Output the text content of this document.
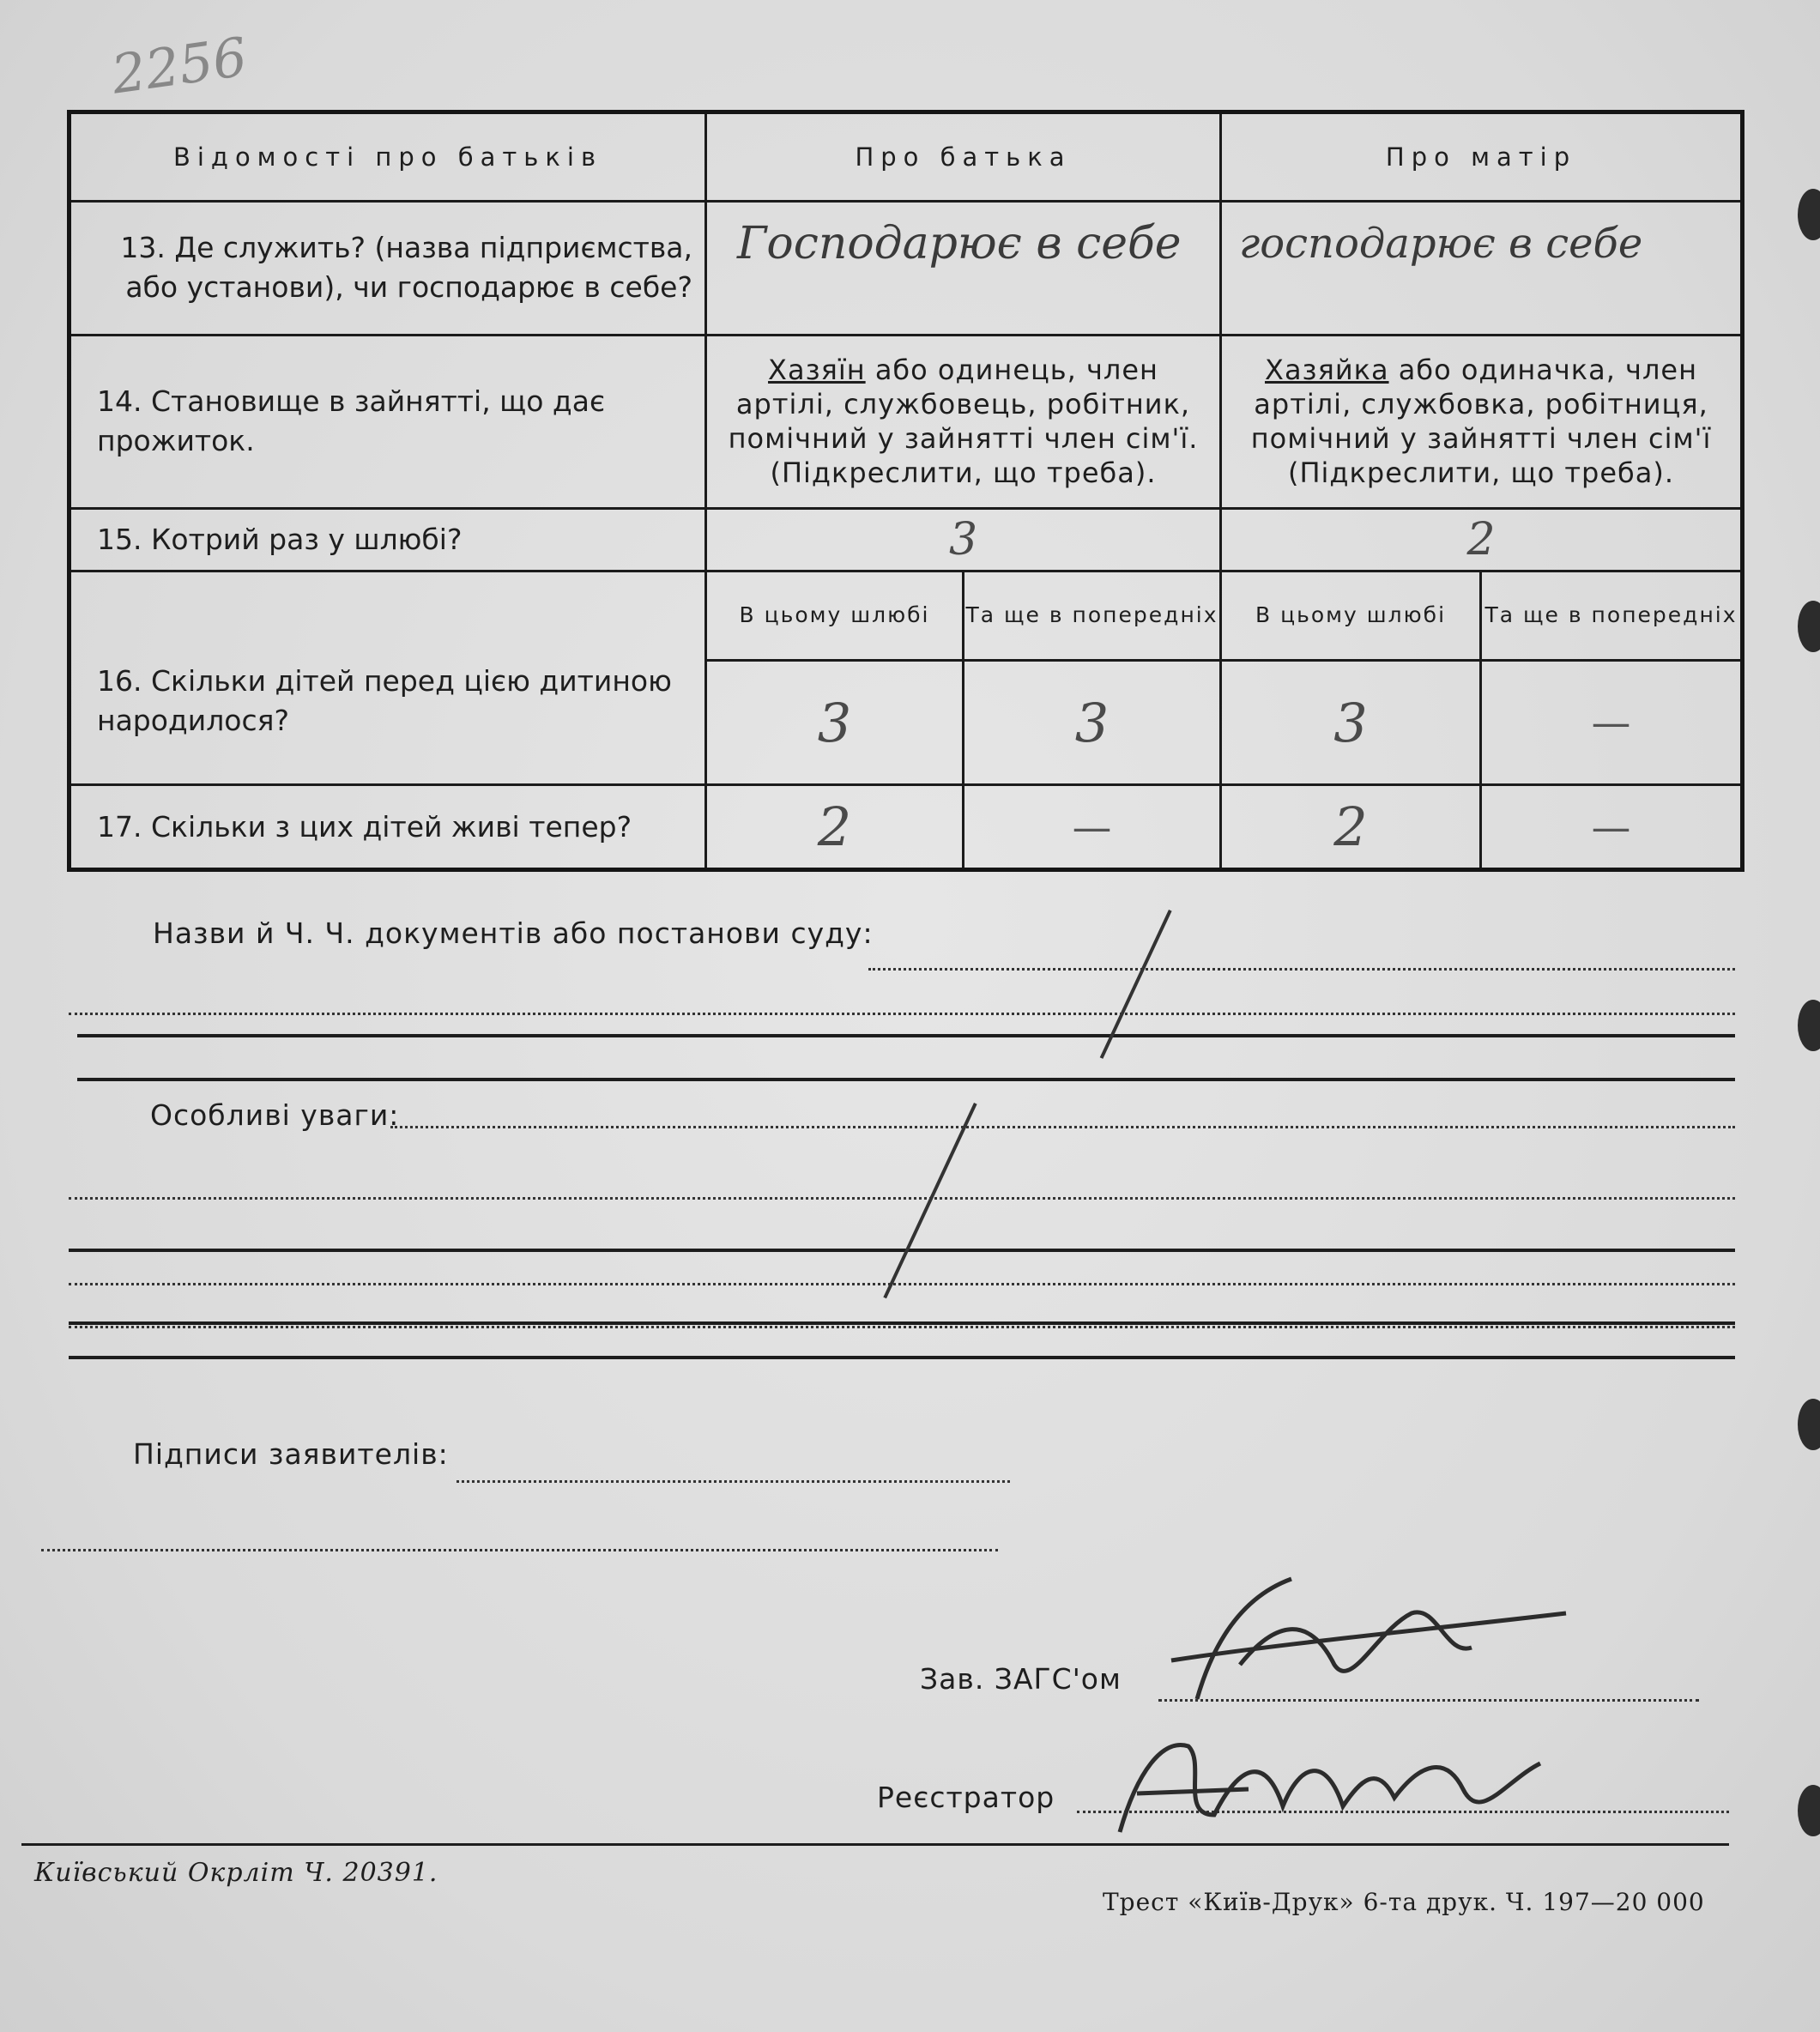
2256
Відомості про батьків	Про батька		Про матір	
13. Де служить? (назва підприємства, або установи), чи господарює в себе?	Господарює в себе		господарює в себе	

14. Становище в зайнятті, що дає прожиток.	Хазяїн або одинець, член артілі, службовець, робітник, помічний у зайнятті член сім'ї. (Підкреслити, що треба).		Хазяйка або одиначка, член артілі, службовка, робітниця, помічний у зайнятті член сім'ї (Підкреслити, що треба).	
15. Котрий раз у шлюбі?	3		2	
16. Скільки дітей перед цією дитиною народилося?	В цьому шлюбі	Та ще в попередніх	В цьому шлюбі	Та ще в попередніх
	3	3	3	—
17. Скільки з цих дітей живі тепер?	2	—	2	—
Назви й Ч. Ч. документів або постанови суду:
Особливі уваги:
Підписи заявителів:
Зав. ЗАГС'ом
Реєстратор
Київський Окрліт Ч. 20391.
Трест «Київ-Друк» 6-та друк. Ч. 197—20 000
